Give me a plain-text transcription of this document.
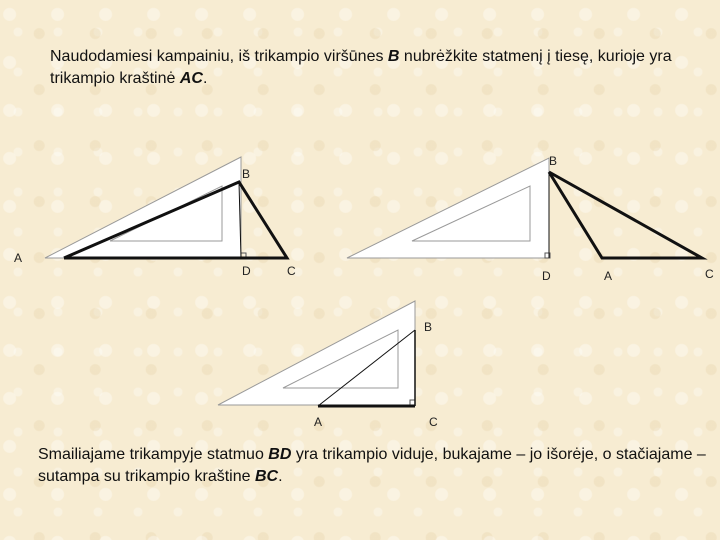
Naudodamiesi kampainiu, iš trikampio viršūnes B nubrėžkite statmenį į tiesę, kurioje yra trikampio kraštinė AC.
A
B
D	C
B
D	A	C
B
A	C
Smailiajame trikampyje statmuo BD yra trikampio viduje, bukajame – jo išorėje, o stačiajame – sutampa su trikampio kraštine BC.
